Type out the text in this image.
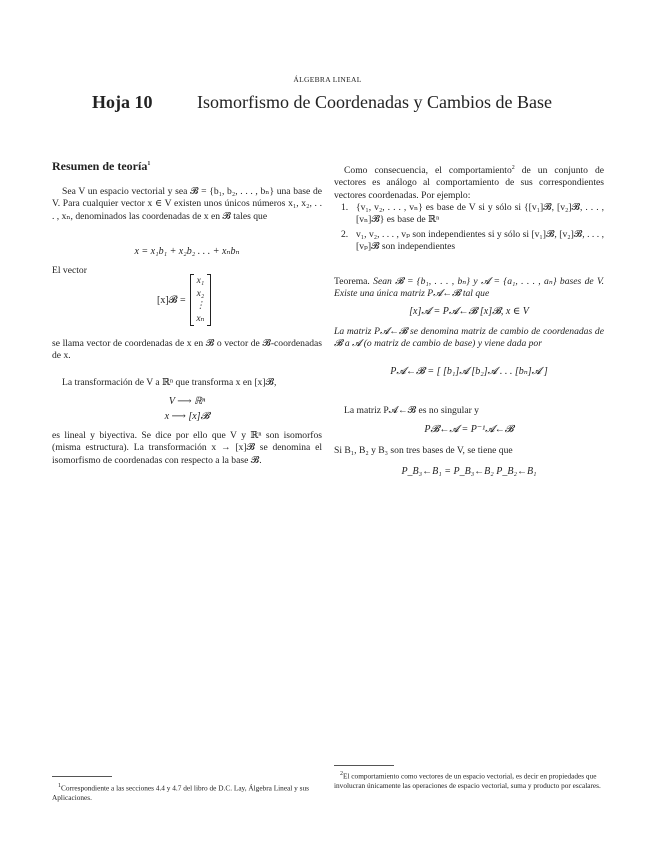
ÁLGEBRA LINEAL
Hoja 10 Isomorfismo de Coordenadas y Cambios de Base
Resumen de teoría$^1$
Sea V un espacio vectorial y sea 𝓑 = {b₁, b₂, . . . , bₙ} una base de V. Para cualquier vector x ∈ V existen unos únicos números x₁, x₂, . . . , xₙ, denominados las coordenadas de x en 𝓑 tales que
x = x₁b₁ + x₂b₂ . . . + xₙbₙ
El vector
[x]𝓑 =
x₁
x₂
⋮
xₙ
se llama vector de coordenadas de x en 𝓑 o vector de 𝓑-coordenadas de x.
La transformación de V a ℝⁿ que transforma x en [x]𝓑,
V ⟶ ℝⁿ
x ⟶ [x]𝓑
es lineal y biyectiva. Se dice por ello que V y ℝⁿ son isomorfos (misma estructura). La transformación x → [x]𝓑 se denomina el isomorfismo de coordenadas con respecto a la base 𝓑.
Como consecuencia, el comportamiento$^2$ de un conjunto de vectores es análogo al comportamiento de sus correspondientes vectores coordenadas. Por ejemplo:
1. {v₁, v₂, . . . , vₙ} es base de V si y sólo si {[v₁]𝓑, [v₂]𝓑, . . . , [vₙ]𝓑} es base de ℝⁿ
2. v₁, v₂, . . . , vₚ son independientes si y sólo si [v₁]𝓑, [v₂]𝓑, . . . , [vₚ]𝓑 son independientes
Teorema. Sean 𝓑 = {b₁, . . . , bₙ} y 𝓐 = {a₁, . . . , aₙ} bases de V. Existe una única matriz P𝓐←𝓑 tal que
[x]𝓐 = P𝓐←𝓑 [x]𝓑, x ∈ V
La matriz P𝓐←𝓑 se denomina matriz de cambio de coordenadas de 𝓑 a 𝓐 (o matriz de cambio de base) y viene dada por
P𝓐←𝓑 = [ [b₁]𝓐 [b₂]𝓐 . . . [bₙ]𝓐 ]
La matriz P𝓐←𝓑 es no singular y
P𝓑←𝓐 = P⁻¹𝓐←𝓑
Si B₁, B₂ y B₃ son tres bases de V, se tiene que
P_B₃←B₁ = P_B₃←B₂ P_B₂←B₁
$^1$Correspondiente a las secciones 4.4 y 4.7 del libro de D.C. Lay, Álgebra Lineal y sus Aplicaciones.
$^2$El comportamiento como vectores de un espacio vectorial, es decir en propiedades que involucran únicamente las operaciones de espacio vectorial, suma y producto por escalares.
